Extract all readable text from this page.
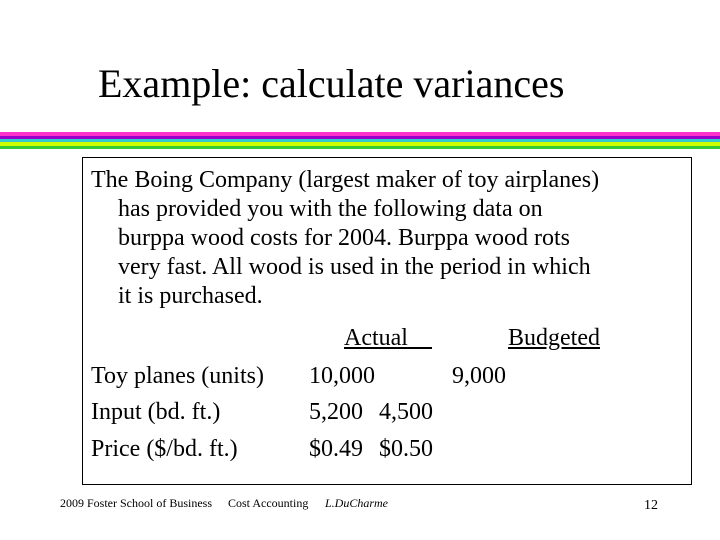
Example: calculate variances
The Boing Company (largest maker of toy airplanes)
has provided you with the following data on
burppa wood costs for 2004. Burppa wood rots
very fast. All wood is used in the period in which
it is purchased.
Actual	Budgeted
Toy planes (units) 10,000	9,000
Input (bd. ft.)	5,200 4,500
Price ($/bd. ft.)	$0.49 $0.50
2009 Foster School of Business Cost Accounting L.DuCharme	12
